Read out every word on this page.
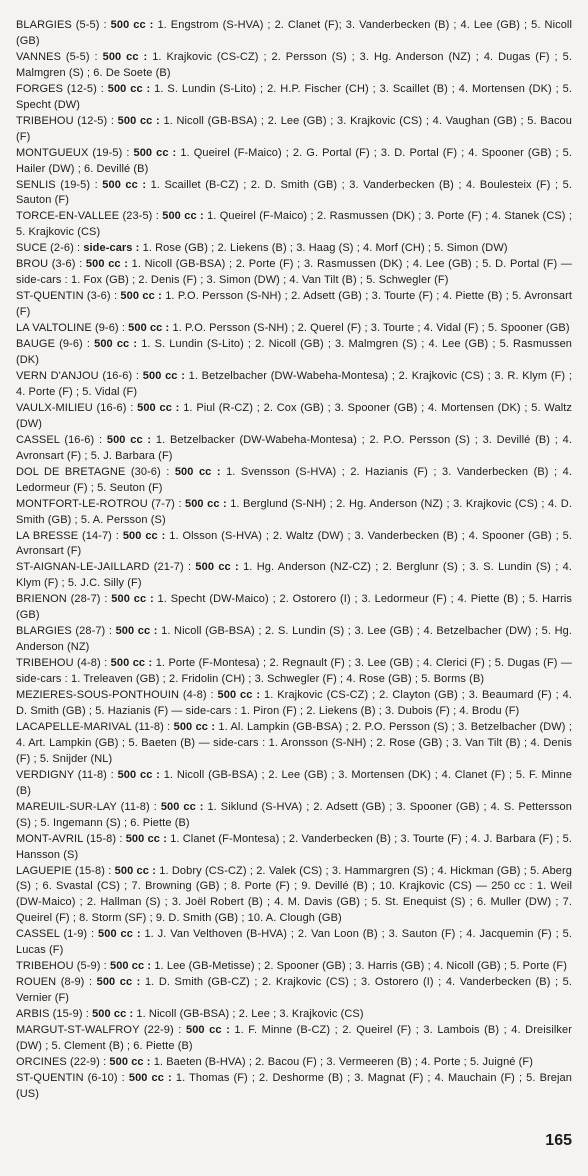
BLARGIES (5-5) : 500 cc : 1. Engstrom (S-HVA) ; 2. Clanet (F); 3. Vanderbecken (B) ; 4. Lee (GB) ; 5. Nicoll (GB)

VANNES (5-5) : 500 cc : 1. Krajkovic (CS-CZ) ; 2. Persson (S) ; 3. Hg. Anderson (NZ) ; 4. Dugas (F) ; 5. Malmgren (S) ; 6. De Soete (B)

FORGES (12-5) : 500 cc : 1. S. Lundin (S-Lito) ; 2. H.P. Fischer (CH) ; 3. Scaillet (B) ; 4. Mortensen (DK) ; 5. Specht (DW)

TRIBEHOU (12-5) : 500 cc : 1. Nicoll (GB-BSA) ; 2. Lee (GB) ; 3. Krajkovic (CS) ; 4. Vaughan (GB) ; 5. Bacou (F)

MONTGUEUX (19-5) : 500 cc : 1. Queirel (F-Maico) ; 2. G. Portal (F) ; 3. D. Portal (F) ; 4. Spooner (GB) ; 5. Hailer (DW) ; 6. Devillé (B)

SENLIS (19-5) : 500 cc : 1. Scaillet (B-CZ) ; 2. D. Smith (GB) ; 3. Vanderbecken (B) ; 4. Boulesteix (F) ; 5. Sauton (F)

TORCE-EN-VALLEE (23-5) : 500 cc : 1. Queirel (F-Maico) ; 2. Rasmussen (DK) ; 3. Porte (F) ; 4. Stanek (CS) ; 5. Krajkovic (CS)

SUCE (2-6) : side-cars : 1. Rose (GB) ; 2. Liekens (B) ; 3. Haag (S) ; 4. Morf (CH) ; 5. Simon (DW)

BROU (3-6) : 500 cc : 1. Nicoll (GB-BSA) ; 2. Porte (F) ; 3. Rasmussen (DK) ; 4. Lee (GB) ; 5. D. Portal (F) — side-cars : 1. Fox (GB) ; 2. Denis (F) ; 3. Simon (DW) ; 4. Van Tilt (B) ; 5. Schwegler (F)

ST-QUENTIN (3-6) : 500 cc : 1. P.O. Persson (S-NH) ; 2. Adsett (GB) ; 3. Tourte (F) ; 4. Piette (B) ; 5. Avronsart (F)

LA VALTOLINE (9-6) : 500 cc : 1. P.O. Persson (S-NH) ; 2. Querel (F) ; 3. Tourte ; 4. Vidal (F) ; 5. Spooner (GB)

BAUGE (9-6) : 500 cc : 1. S. Lundin (S-Lito) ; 2. Nicoll (GB) ; 3. Malmgren (S) ; 4. Lee (GB) ; 5. Rasmussen (DK)

VERN D'ANJOU (16-6) : 500 cc : 1. Betzelbacher (DW-Wabeha-Montesa) ; 2. Krajkovic (CS) ; 3. R. Klym (F) ; 4. Porte (F) ; 5. Vidal (F)

VAULX-MILIEU (16-6) : 500 cc : 1. Piul (R-CZ) ; 2. Cox (GB) ; 3. Spooner (GB) ; 4. Mortensen (DK) ; 5. Waltz (DW)

CASSEL (16-6) : 500 cc : 1. Betzelbacker (DW-Wabeha-Montesa) ; 2. P.O. Persson (S) ; 3. Devillé (B) ; 4. Avronsart (F) ; 5. J. Barbara (F)

DOL DE BRETAGNE (30-6) : 500 cc : 1. Svensson (S-HVA) ; 2. Hazianis (F) ; 3. Vanderbecken (B) ; 4. Ledormeur (F) ; 5. Seuton (F)

MONTFORT-LE-ROTROU (7-7) : 500 cc : 1. Berglund (S-NH) ; 2. Hg. Anderson (NZ) ; 3. Krajkovic (CS) ; 4. D. Smith (GB) ; 5. A. Persson (S)

LA BRESSE (14-7) : 500 cc : 1. Olsson (S-HVA) ; 2. Waltz (DW) ; 3. Vanderbecken (B) ; 4. Spooner (GB) ; 5. Avronsart (F)

ST-AIGNAN-LE-JAILLARD (21-7) : 500 cc : 1. Hg. Anderson (NZ-CZ) ; 2. Berglunr (S) ; 3. S. Lundin (S) ; 4. Klym (F) ; 5. J.C. Silly (F)

BRIENON (28-7) : 500 cc : 1. Specht (DW-Maico) ; 2. Ostorero (I) ; 3. Ledormeur (F) ; 4. Piette (B) ; 5. Harris (GB)

BLARGIES (28-7) : 500 cc : 1. Nicoll (GB-BSA) ; 2. S. Lundin (S) ; 3. Lee (GB) ; 4. Betzelbacher (DW) ; 5. Hg. Anderson (NZ)

TRIBEHOU (4-8) : 500 cc : 1. Porte (F-Montesa) ; 2. Regnault (F) ; 3. Lee (GB) ; 4. Clerici (F) ; 5. Dugas (F) — side-cars : 1. Treleaven (GB) ; 2. Fridolin (CH) ; 3. Schwegler (F) ; 4. Rose (GB) ; 5. Borms (B)

MEZIERES-SOUS-PONTHOUIN (4-8) : 500 cc : 1. Krajkovic (CS-CZ) ; 2. Clayton (GB) ; 3. Beaumard (F) ; 4. D. Smith (GB) ; 5. Hazianis (F) — side-cars : 1. Piron (F) ; 2. Liekens (B) ; 3. Dubois (F) ; 4. Brodu (F)

LACAPELLE-MARIVAL (11-8) : 500 cc : 1. Al. Lampkin (GB-BSA) ; 2. P.O. Persson (S) ; 3. Betzelbacher (DW) ; 4. Art. Lampkin (GB) ; 5. Baeten (B) — side-cars : 1. Aronsson (S-NH) ; 2. Rose (GB) ; 3. Van Tilt (B) ; 4. Denis (F) ; 5. Snijder (NL)

VERDIGNY (11-8) : 500 cc : 1. Nicoll (GB-BSA) ; 2. Lee (GB) ; 3. Mortensen (DK) ; 4. Clanet (F) ; 5. F. Minne (B)

MAREUIL-SUR-LAY (11-8) : 500 cc : 1. Siklund (S-HVA) ; 2. Adsett (GB) ; 3. Spooner (GB) ; 4. S. Pettersson (S) ; 5. Ingemann (S) ; 6. Piette (B)

MONT-AVRIL (15-8) : 500 cc : 1. Clanet (F-Montesa) ; 2. Vanderbecken (B) ; 3. Tourte (F) ; 4. J. Barbara (F) ; 5. Hansson (S)

LAGUEPIE (15-8) : 500 cc : 1. Dobry (CS-CZ) ; 2. Valek (CS) ; 3. Hammargren (S) ; 4. Hickman (GB) ; 5. Aberg (S) ; 6. Svastal (CS) ; 7. Browning (GB) ; 8. Porte (F) ; 9. Devillé (B) ; 10. Krajkovic (CS) — 250 cc : 1. Weil (DW-Maico) ; 2. Hallman (S) ; 3. Joël Robert (B) ; 4. M. Davis (GB) ; 5. St. Enequist (S) ; 6. Muller (DW) ; 7. Queirel (F) ; 8. Storm (SF) ; 9. D. Smith (GB) ; 10. A. Clough (GB)

CASSEL (1-9) : 500 cc : 1. J. Van Velthoven (B-HVA) ; 2. Van Loon (B) ; 3. Sauton (F) ; 4. Jacquemin (F) ; 5. Lucas (F)

TRIBEHOU (5-9) : 500 cc : 1. Lee (GB-Metisse) ; 2. Spooner (GB) ; 3. Harris (GB) ; 4. Nicoll (GB) ; 5. Porte (F)

ROUEN (8-9) : 500 cc : 1. D. Smith (GB-CZ) ; 2. Krajkovic (CS) ; 3. Ostorero (I) ; 4. Vanderbecken (B) ; 5. Vernier (F)

ARBIS (15-9) : 500 cc : 1. Nicoll (GB-BSA) ; 2. Lee ; 3. Krajkovic (CS)

MARGUT-ST-WALFROY (22-9) : 500 cc : 1. F. Minne (B-CZ) ; 2. Queirel (F) ; 3. Lambois (B) ; 4. Dreisilker (DW) ; 5. Clement (B) ; 6. Piette (B)

ORCINES (22-9) : 500 cc : 1. Baeten (B-HVA) ; 2. Bacou (F) ; 3. Vermeeren (B) ; 4. Porte ; 5. Juigné (F)

ST-QUENTIN (6-10) : 500 cc : 1. Thomas (F) ; 2. Deshorme (B) ; 3. Magnat (F) ; 4. Mauchain (F) ; 5. Brejan (US)

165
